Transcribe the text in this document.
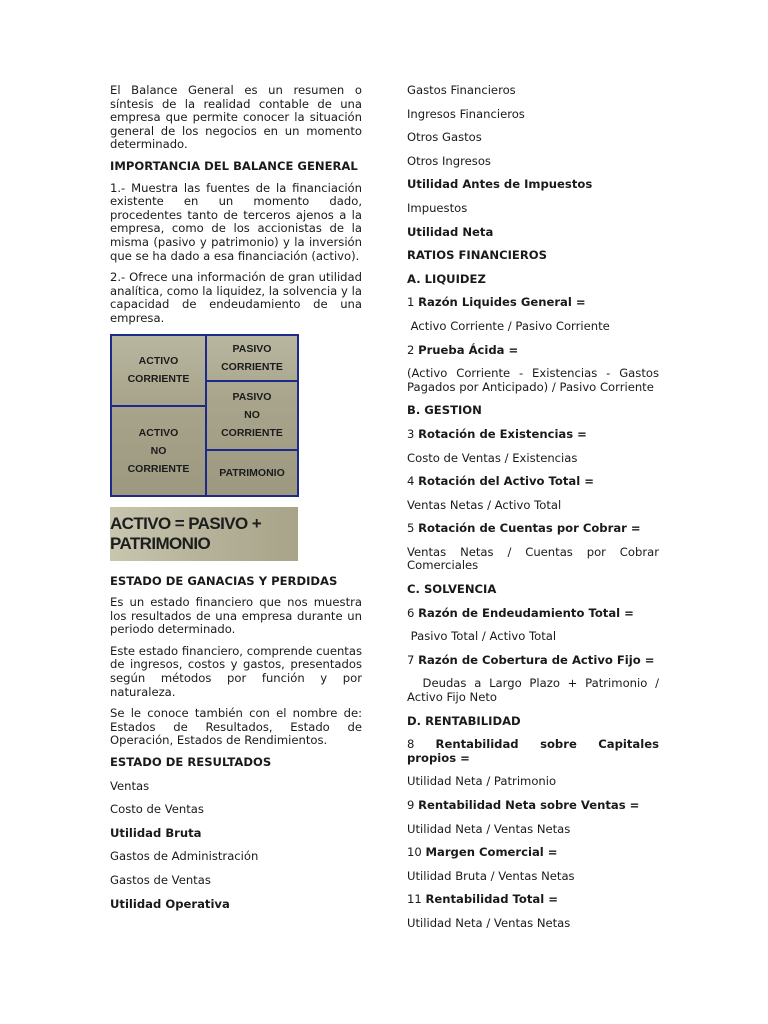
El Balance General es un resumen o síntesis de la realidad contable de una empresa que permite conocer la situación general de los negocios en un momento determinado.

IMPORTANCIA DEL BALANCE GENERAL

1.- Muestra las fuentes de la financiación existente en un momento dado, procedentes tanto de terceros ajenos a la empresa, como de los accionistas de la misma (pasivo y patrimonio) y la inversión que se ha dado a esa financiación (activo).

2.- Ofrece una información de gran utilidad analítica, como la liquidez, la solvencia y la capacidad de endeudamiento de una empresa.

ACTIVO
CORRIENTE
ACTIVO
NO
CORRIENTE
PASIVO
CORRIENTE
PASIVO
NO
CORRIENTE
PATRIMONIO
ACTIVO = PASIVO + PATRIMONIO

ESTADO DE GANACIAS Y PERDIDAS

Es un estado financiero que nos muestra los resultados de una empresa durante un periodo determinado.

Este estado financiero, comprende cuentas de ingresos, costos y gastos, presentados según métodos por función y por naturaleza.

Se le conoce también con el nombre de: Estados de Resultados, Estado de Operación, Estados de Rendimientos.

ESTADO DE RESULTADOS

Ventas
Costo de Ventas
Utilidad Bruta
Gastos de Administración
Gastos de Ventas
Utilidad Operativa
Gastos Financieros
Ingresos Financieros
Otros Gastos
Otros Ingresos
Utilidad Antes de Impuestos
Impuestos
Utilidad Neta
RATIOS FINANCIEROS
A. LIQUIDEZ
1 Razón Liquides General =
Activo Corriente / Pasivo Corriente
2 Prueba Ácida =
(Activo Corriente - Existencias - Gastos Pagados por Anticipado) / Pasivo Corriente
B. GESTION
3 Rotación de Existencias =
Costo de Ventas / Existencias
4 Rotación del Activo Total =
Ventas Netas / Activo Total
5 Rotación de Cuentas por Cobrar =
Ventas Netas / Cuentas por Cobrar Comerciales
C. SOLVENCIA
6 Razón de Endeudamiento Total =
Pasivo Total / Activo Total
7 Razón de Cobertura de Activo Fijo =
Deudas a Largo Plazo + Patrimonio / Activo Fijo Neto
D. RENTABILIDAD
8 Rentabilidad sobre Capitales propios =
Utilidad Neta / Patrimonio
9 Rentabilidad Neta sobre Ventas =
Utilidad Neta / Ventas Netas
10 Margen Comercial =
Utilidad Bruta / Ventas Netas
11 Rentabilidad Total =
Utilidad Neta / Ventas Netas
